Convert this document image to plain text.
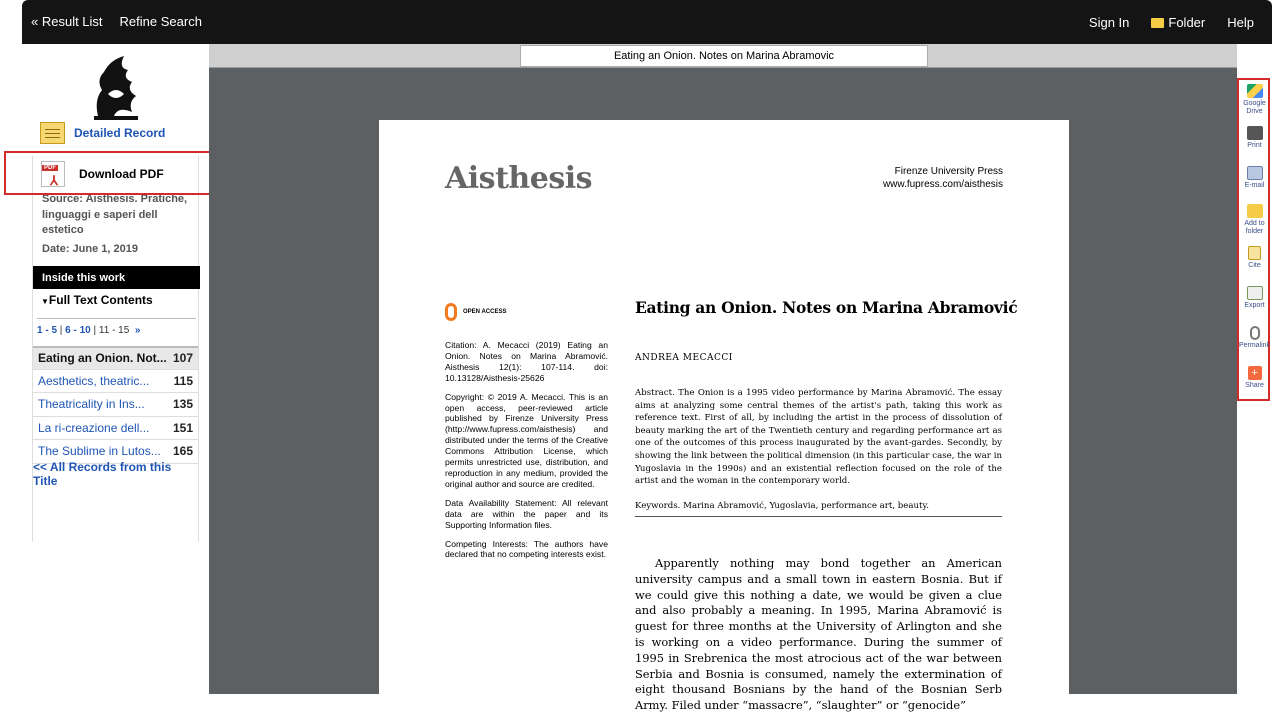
« Result List Refine Search	Sign In	Folder Help
Detailed Record
PDF
⅄ Download PDF
Source: Aisthesis. Pratiche, linguaggi e saperi dell estetico
Date: June 1, 2019
Inside this work
▼Full Text Contents
1 - 5 | 6 - 10 | 11 - 15 »
Eating an Onion. Not... 107
Aesthetics, theatric... 115
Theatricality in Ins... 135
La ri-creazione dell... 151
The Sublime in Lutos... 165
<< All Records from this Title
Eating an Onion. Notes on Marina Abramovic
Aisthesis	Firenze University Press
www.fupress.com/aisthesis
OPEN ACCESS

Citation: A. Mecacci (2019) Eating an Onion. Notes on Marina Abramović. Aisthesis 12(1): 107-114. doi: 10.13128/Aisthesis-25626

Copyright: © 2019 A. Mecacci. This is an open access, peer-reviewed article published by Firenze University Press (http://www.fupress.com/aisthesis) and distributed under the terms of the Creative Commons Attribution License, which permits unrestricted use, distribution, and reproduction in any medium, provided the original author and source are credited.

Data Availability Statement: All relevant data are within the paper and its Supporting Information files.

Competing Interests: The authors have declared that no competing interests exist.

Eating an Onion. Notes on Marina Abramović
ANDREA MECACCI
Abstract. The Onion is a 1995 video performance by Marina Abramović. The essay aims at analyzing some central themes of the artist's path, taking this work as reference text. First of all, by including the artist in the process of dissolution of beauty marking the art of the Twentieth century and regarding performance art as one of the outcomes of this process inaugurated by the avant-gardes. Secondly, by showing the link between the political dimension (in this particular case, the war in Yugoslavia in the 1990s) and an existential reflection focused on the role of the artist and the woman in the contemporary world.
Keywords. Marina Abramović, Yugoslavia, performance art, beauty.
Apparently nothing may bond together an American university campus and a small town in eastern Bosnia. But if we could give this nothing a date, we would be given a clue and also probably a meaning. In 1995, Marina Abramović is guest for three months at the University of Arlington and she is working on a video performance. During the summer of 1995 in Srebrenica the most atrocious act of the war between Serbia and Bosnia is consumed, namely the extermination of eight thousand Bosnians by the hand of the Bosnian Serb Army. Filed under “massacre”, “slaughter” or “genocide”
Google Drive
Print
E-mail
Add to folder
Cite
Export
Permalink
+
Share
